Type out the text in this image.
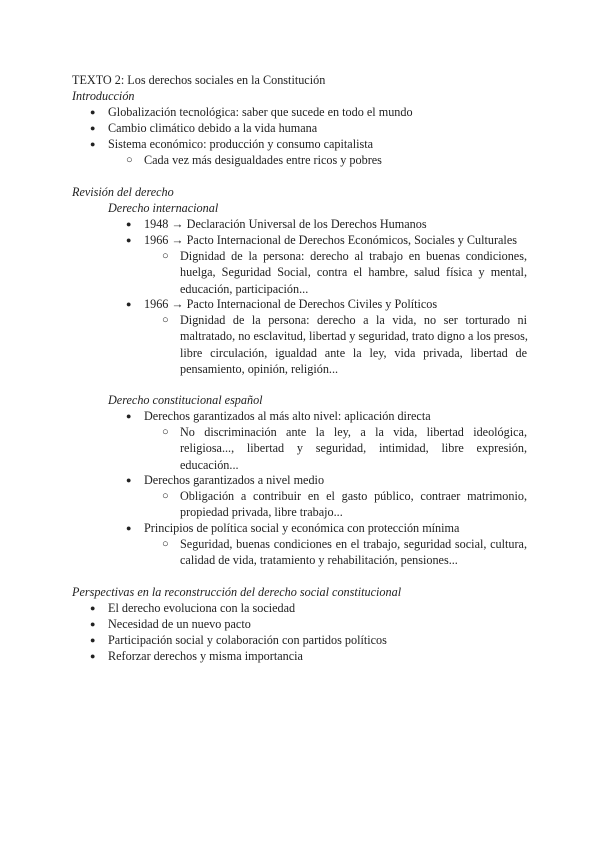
TEXTO 2: Los derechos sociales en la Constitución
Introducción
● Globalización tecnológica: saber que sucede en todo el mundo
● Cambio climático debido a la vida humana
● Sistema económico: producción y consumo capitalista
○ Cada vez más desigualdades entre ricos y pobres
Revisión del derecho
Derecho internacional
● 1948 → Declaración Universal de los Derechos Humanos
● 1966 → Pacto Internacional de Derechos Económicos, Sociales y Culturales
○ Dignidad de la persona: derecho al trabajo en buenas condiciones,
huelga, Seguridad Social, contra el hambre, salud física y mental,
educación, participación...
● 1966 → Pacto Internacional de Derechos Civiles y Políticos
○ Dignidad de la persona: derecho a la vida, no ser torturado ni
maltratado, no esclavitud, libertad y seguridad, trato digno a los presos,
libre circulación, igualdad ante la ley, vida privada, libertad de
pensamiento, opinión, religión...
Derecho constitucional español
● Derechos garantizados al más alto nivel: aplicación directa
○ No discriminación ante la ley, a la vida, libertad ideológica,
religiosa..., libertad y seguridad, intimidad, libre expresión,
educación...
● Derechos garantizados a nivel medio
○ Obligación a contribuir en el gasto público, contraer matrimonio,
propiedad privada, libre trabajo...
● Principios de política social y económica con protección mínima
○ Seguridad, buenas condiciones en el trabajo, seguridad social, cultura,
calidad de vida, tratamiento y rehabilitación, pensiones...
Perspectivas en la reconstrucción del derecho social constitucional
● El derecho evoluciona con la sociedad
● Necesidad de un nuevo pacto
● Participación social y colaboración con partidos políticos
● Reforzar derechos y misma importancia
